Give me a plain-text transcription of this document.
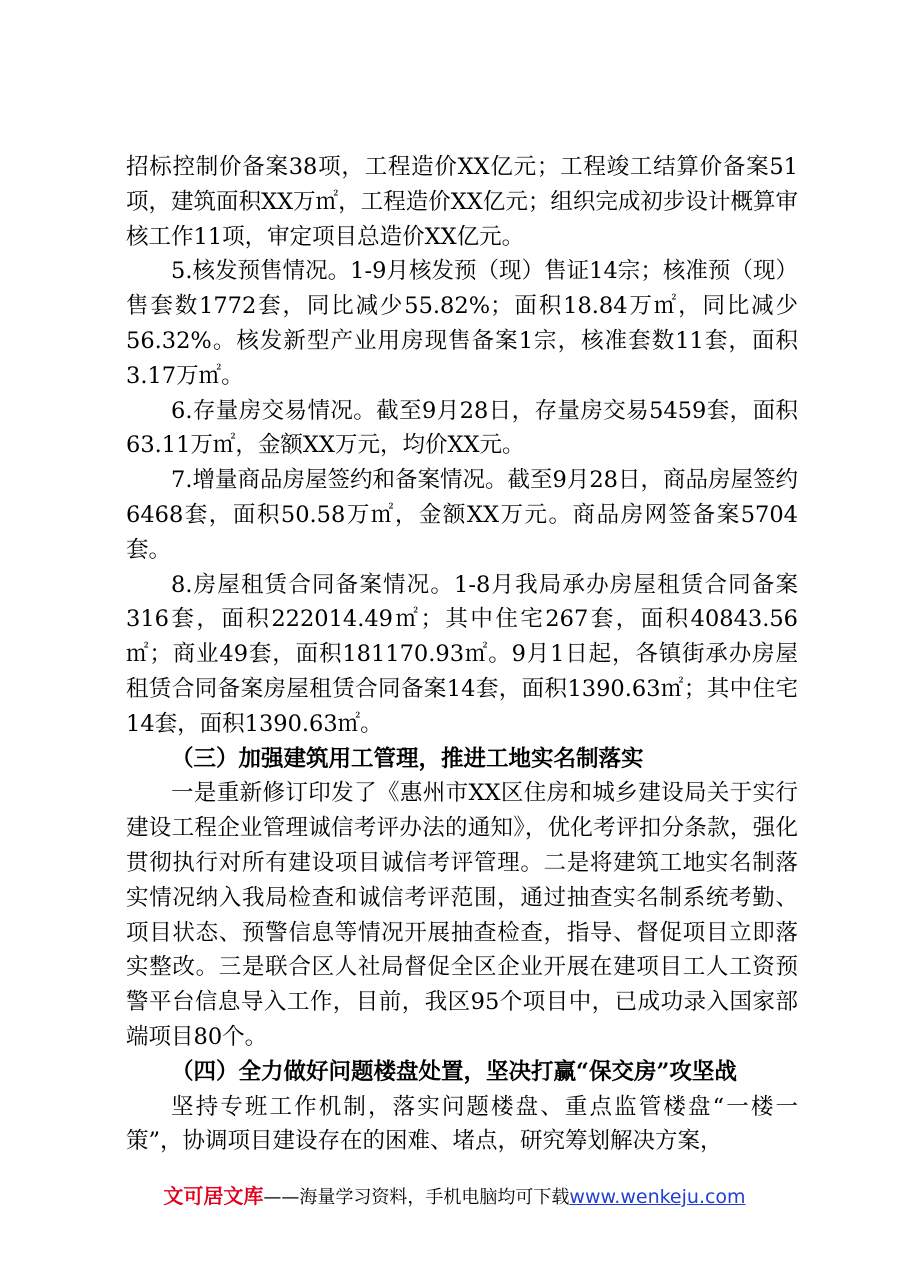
招标控制价备案38项，工程造价XX亿元；工程竣工结算价备案51项，建筑面积XX万㎡，工程造价XX亿元；组织完成初步设计概算审核工作11项，审定项目总造价XX亿元。

5.核发预售情况。1-9月核发预（现）售证14宗；核准预（现）售套数1772套，同比减少55.82%；面积18.84万㎡，同比减少56.32%。核发新型产业用房现售备案1宗，核准套数11套，面积3.17万㎡。

6.存量房交易情况。截至9月28日，存量房交易5459套，面积63.11万㎡，金额XX万元，均价XX元。

7.增量商品房屋签约和备案情况。截至9月28日，商品房屋签约6468套，面积50.58万㎡，金额XX万元。商品房网签备案5704套。

8.房屋租赁合同备案情况。1-8月我局承办房屋租赁合同备案316套，面积222014.49㎡；其中住宅267套，面积40843.56㎡；商业49套，面积181170.93㎡。9月1日起，各镇街承办房屋租赁合同备案房屋租赁合同备案14套，面积1390.63㎡；其中住宅14套，面积1390.63㎡。

（三）加强建筑用工管理，推进工地实名制落实

一是重新修订印发了《惠州市XX区住房和城乡建设局关于实行建设工程企业管理诚信考评办法的通知》，优化考评扣分条款，强化贯彻执行对所有建设项目诚信考评管理。二是将建筑工地实名制落实情况纳入我局检查和诚信考评范围，通过抽查实名制系统考勤、项目状态、预警信息等情况开展抽查检查，指导、督促项目立即落实整改。三是联合区人社局督促全区企业开展在建项目工人工资预警平台信息导入工作，目前，我区95个项目中，已成功录入国家部端项目80个。

（四）全力做好问题楼盘处置，坚决打赢“保交房”攻坚战

坚持专班工作机制，落实问题楼盘、重点监管楼盘“一楼一策”，协调项目建设存在的困难、堵点，研究筹划解决方案，

文可居文库——海量学习资料，手机电脑均可下载www.wenkeju.com
